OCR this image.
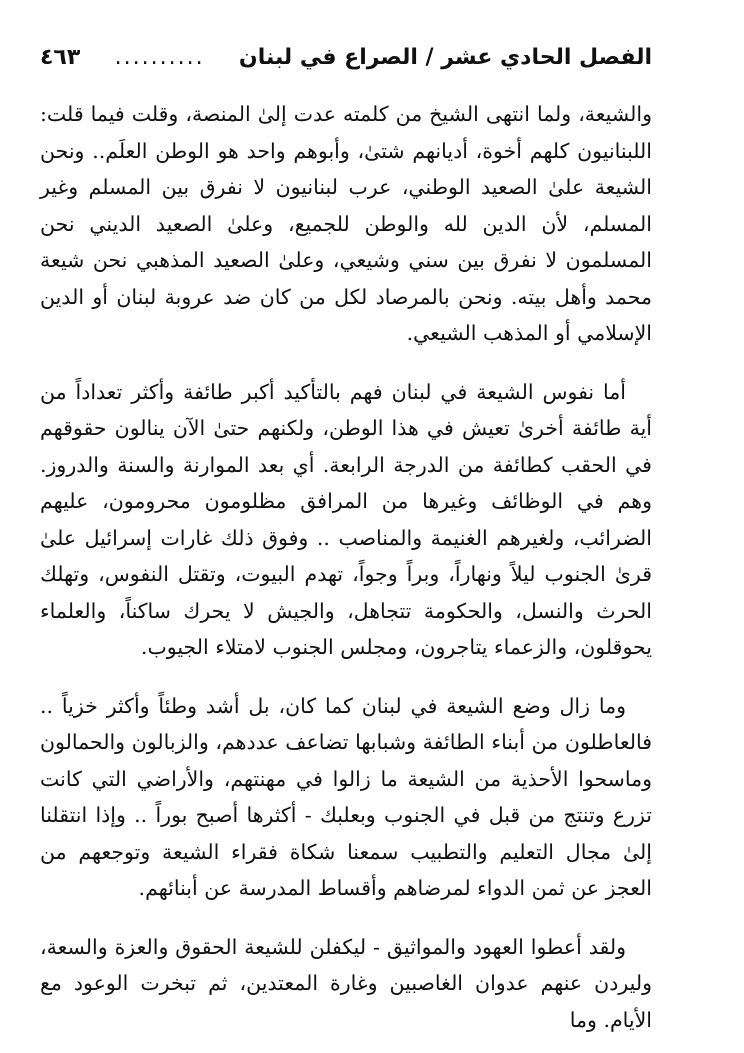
الفصل الحادي عشر / الصراع في لبنان
..........
٤٦٣

والشيعة، ولما انتهى الشيخ من كلمته عدت إلىٰ المنصة، وقلت فيما قلت: اللبنانيون كلهم أخوة، أديانهم شتىٰ، وأبوهم واحد هو الوطن العلَم.. ونحن الشيعة علىٰ الصعيد الوطني، عرب لبنانيون لا نفرق بين المسلم وغير المسلم، لأن الدين لله والوطن للجميع، وعلىٰ الصعيد الديني نحن المسلمون لا نفرق بين سني وشيعي، وعلىٰ الصعيد المذهبي نحن شيعة محمد وأهل بيته. ونحن بالمرصاد لكل من كان ضد عروبة لبنان أو الدين الإسلامي أو المذهب الشيعي.

أما نفوس الشيعة في لبنان فهم بالتأكيد أكبر طائفة وأكثر تعداداً من أية طائفة أخرىٰ تعيش في هذا الوطن، ولكنهم حتىٰ الآن ينالون حقوقهم في الحقب كطائفة من الدرجة الرابعة. أي بعد الموارنة والسنة والدروز. وهم في الوظائف وغيرها من المرافق مظلومون محرومون، عليهم الضرائب، ولغيرهم الغنيمة والمناصب .. وفوق ذلك غارات إسرائيل علىٰ قرىٰ الجنوب ليلاً ونهاراً، وبراً وجواً، تهدم البيوت، وتقتل النفوس، وتهلك الحرث والنسل، والحكومة تتجاهل، والجيش لا يحرك ساكناً، والعلماء يحوقلون، والزعماء يتاجرون، ومجلس الجنوب لامتلاء الجيوب.

وما زال وضع الشيعة في لبنان كما كان، بل أشد وطئاً وأكثر خزياً .. فالعاطلون من أبناء الطائفة وشبابها تضاعف عددهم، والزبالون والحمالون وماسحوا الأحذية من الشيعة ما زالوا في مهنتهم، والأراضي التي كانت تزرع وتنتج من قبل في الجنوب وبعلبك - أكثرها أصبح بوراً .. وإذا انتقلنا إلىٰ مجال التعليم والتطبيب سمعنا شكاة فقراء الشيعة وتوجعهم من العجز عن ثمن الدواء لمرضاهم وأقساط المدرسة عن أبنائهم.

ولقد أعطوا العهود والمواثيق - ليكفلن للشيعة الحقوق والعزة والسعة، وليردن عنهم عدوان الغاصبين وغارة المعتدين، ثم تبخرت الوعود مع الأيام. وما
